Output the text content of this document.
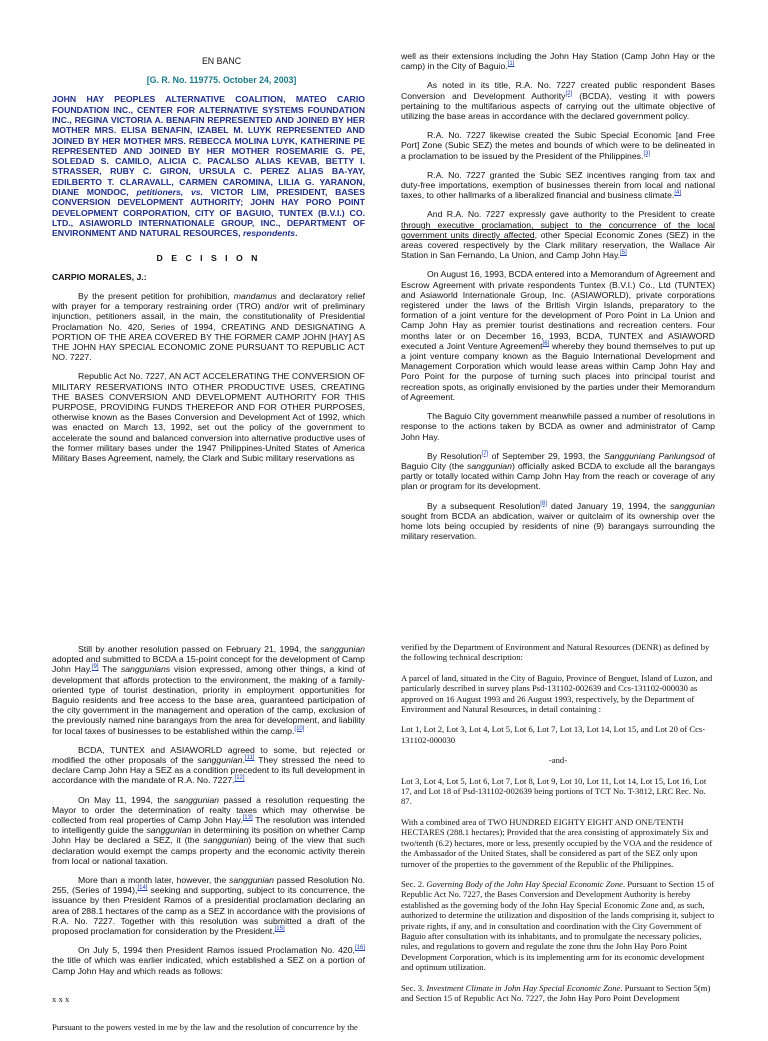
EN BANC

[G. R. No. 119775. October 24, 2003]

JOHN HAY PEOPLES ALTERNATIVE COALITION, MATEO CARIO FOUNDATION INC., CENTER FOR ALTERNATIVE SYSTEMS FOUNDATION INC., REGINA VICTORIA A. BENAFIN REPRESENTED AND JOINED BY HER MOTHER MRS. ELISA BENAFIN, IZABEL M. LUYK REPRESENTED AND JOINED BY HER MOTHER MRS. REBECCA MOLINA LUYK, KATHERINE PE REPRESENTED AND JOINED BY HER MOTHER ROSEMARIE G. PE, SOLEDAD S. CAMILO, ALICIA C. PACALSO ALIAS KEVAB, BETTY I. STRASSER, RUBY C. GIRON, URSULA C. PEREZ ALIAS BA-YAY, EDILBERTO T. CLARAVALL, CARMEN CAROMINA, LILIA G. YARANON, DIANE MONDOC, petitioners, vs. VICTOR LIM, PRESIDENT, BASES CONVERSION DEVELOPMENT AUTHORITY; JOHN HAY PORO POINT DEVELOPMENT CORPORATION, CITY OF BAGUIO, TUNTEX (B.V.I.) CO. LTD., ASIAWORLD INTERNATIONALE GROUP, INC., DEPARTMENT OF ENVIRONMENT AND NATURAL RESOURCES, respondents.

D E C I S I O N

CARPIO MORALES, J.:

By the present petition for prohibition, mandamus and declaratory relief with prayer for a temporary restraining order (TRO) and/or writ of preliminary injunction, petitioners assail, in the main, the constitutionality of Presidential Proclamation No. 420, Series of 1994, CREATING AND DESIGNATING A PORTION OF THE AREA COVERED BY THE FORMER CAMP JOHN [HAY] AS THE JOHN HAY SPECIAL ECONOMIC ZONE PURSUANT TO REPUBLIC ACT NO. 7227.

Republic Act No. 7227, AN ACT ACCELERATING THE CONVERSION OF MILITARY RESERVATIONS INTO OTHER PRODUCTIVE USES, CREATING THE BASES CONVERSION AND DEVELOPMENT AUTHORITY FOR THIS PURPOSE, PROVIDING FUNDS THEREFOR AND FOR OTHER PURPOSES, otherwise known as the Bases Conversion and Development Act of 1992, which was enacted on March 13, 1992, set out the policy of the government to accelerate the sound and balanced conversion into alternative productive uses of the former military bases under the 1947 Philippines-United States of America Military Bases Agreement, namely, the Clark and Subic military reservations as

well as their extensions including the John Hay Station (Camp John Hay or the camp) in the City of Baguio.[1]

As noted in its title, R.A. No. 7227 created public respondent Bases Conversion and Development Authority[2] (BCDA), vesting it with powers pertaining to the multifarious aspects of carrying out the ultimate objective of utilizing the base areas in accordance with the declared government policy.

R.A. No. 7227 likewise created the Subic Special Economic [and Free Port] Zone (Subic SEZ) the metes and bounds of which were to be delineated in a proclamation to be issued by the President of the Philippines.[3]

R.A. No. 7227 granted the Subic SEZ incentives ranging from tax and duty-free importations, exemption of businesses therein from local and national taxes, to other hallmarks of a liberalized financial and business climate.[4]

And R.A. No. 7227 expressly gave authority to the President to create through executive proclamation, subject to the concurrence of the local government units directly affected, other Special Economic Zones (SEZ) in the areas covered respectively by the Clark military reservation, the Wallace Air Station in San Fernando, La Union, and Camp John Hay.[5]

On August 16, 1993, BCDA entered into a Memorandum of Agreement and Escrow Agreement with private respondents Tuntex (B.V.I.) Co., Ltd (TUNTEX) and Asiaworld Internationale Group, Inc. (ASIAWORLD), private corporations registered under the laws of the British Virgin Islands, preparatory to the formation of a joint venture for the development of Poro Point in La Union and Camp John Hay as premier tourist destinations and recreation centers. Four months later or on December 16, 1993, BCDA, TUNTEX and ASIAWORD executed a Joint Venture Agreement[6] whereby they bound themselves to put up a joint venture company known as the Baguio International Development and Management Corporation which would lease areas within Camp John Hay and Poro Point for the purpose of turning such places into principal tourist and recreation spots, as originally envisioned by the parties under their Memorandum of Agreement.

The Baguio City government meanwhile passed a number of resolutions in response to the actions taken by BCDA as owner and administrator of Camp John Hay.

By Resolution[7] of September 29, 1993, the Sangguniang Panlungsod of Baguio City (the sanggunian) officially asked BCDA to exclude all the barangays partly or totally located within Camp John Hay from the reach or coverage of any plan or program for its development.

By a subsequent Resolution[8] dated January 19, 1994, the sanggunian sought from BCDA an abdication, waiver or quitclaim of its ownership over the home lots being occupied by residents of nine (9) barangays surrounding the military reservation.

Still by another resolution passed on February 21, 1994, the sanggunian adopted and submitted to BCDA a 15-point concept for the development of Camp John Hay.[9] The sanggunians vision expressed, among other things, a kind of development that affords protection to the environment, the making of a family-oriented type of tourist destination, priority in employment opportunities for Baguio residents and free access to the base area, guaranteed participation of the city government in the management and operation of the camp, exclusion of the previously named nine barangays from the area for development, and liability for local taxes of businesses to be established within the camp.[10]

BCDA, TUNTEX and ASIAWORLD agreed to some, but rejected or modified the other proposals of the sanggunian.[11] They stressed the need to declare Camp John Hay a SEZ as a condition precedent to its full development in accordance with the mandate of R.A. No. 7227.[12]

On May 11, 1994, the sanggunian passed a resolution requesting the Mayor to order the determination of realty taxes which may otherwise be collected from real properties of Camp John Hay.[13] The resolution was intended to intelligently guide the sanggunian in determining its position on whether Camp John Hay be declared a SEZ, it (the sanggunian) being of the view that such declaration would exempt the camps property and the economic activity therein from local or national taxation.

More than a month later, however, the sanggunian passed Resolution No. 255, (Series of 1994),[14] seeking and supporting, subject to its concurrence, the issuance by then President Ramos of a presidential proclamation declaring an area of 288.1 hectares of the camp as a SEZ in accordance with the provisions of R.A. No. 7227. Together with this resolution was submitted a draft of the proposed proclamation for consideration by the President.[15]

On July 5, 1994 then President Ramos issued Proclamation No. 420,[16] the title of which was earlier indicated, which established a SEZ on a portion of Camp John Hay and which reads as follows:

x x x

Pursuant to the powers vested in me by the law and the resolution of concurrence by the

verified by the Department of Environment and Natural Resources (DENR) as defined by the following technical description:

A parcel of land, situated in the City of Baguio, Province of Benguet, Island of Luzon, and particularly described in survey plans Psd-131102-002639 and Ccs-131102-000030 as approved on 16 August 1993 and 26 August 1993, respectively, by the Department of Environment and Natural Resources, in detail containing :

Lot 1, Lot 2, Lot 3, Lot 4, Lot 5, Lot 6, Lot 7, Lot 13, Lot 14, Lot 15, and Lot 20 of Ccs-131102-000030

-and-

Lot 3, Lot 4, Lot 5, Lot 6, Lot 7, Lot 8, Lot 9, Lot 10, Lot 11, Lot 14, Lot 15, Lot 16, Lot 17, and Lot 18 of Psd-131102-002639 being portions of TCT No. T-3812, LRC Rec. No. 87.

With a combined area of TWO HUNDRED EIGHTY EIGHT AND ONE/TENTH HECTARES (288.1 hectares); Provided that the area consisting of approximately Six and two/tenth (6.2) hectares, more or less, presently occupied by the VOA and the residence of the Ambassador of the United States, shall be considered as part of the SEZ only upon turnover of the properties to the government of the Republic of the Philippines.

Sec. 2. Governing Body of the John Hay Special Economic Zone. Pursuant to Section 15 of Republic Act No. 7227, the Bases Conversion and Development Authority is hereby established as the governing body of the John Hay Special Economic Zone and, as such, authorized to determine the utilization and disposition of the lands comprising it, subject to private rights, if any, and in consultation and coordination with the City Government of Baguio after consultation with its inhabitants, and to promulgate the necessary policies, rules, and regulations to govern and regulate the zone thru the John Hay Poro Point Development Corporation, which is its implementing arm for its economic development and optimum utilization.

Sec. 3. Investment Climate in John Hay Special Economic Zone. Pursuant to Section 5(m) and Section 15 of Republic Act No. 7227, the John Hay Poro Point Development
